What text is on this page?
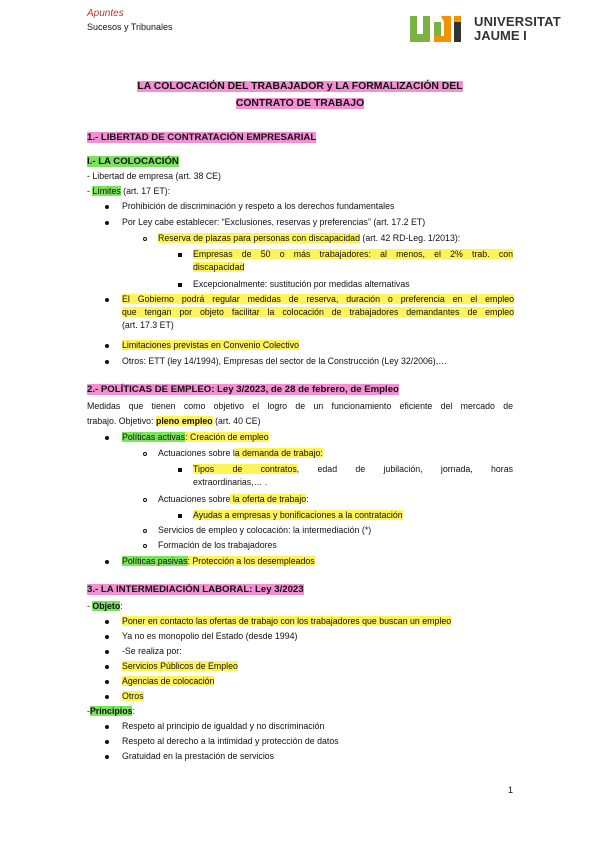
Apuntes
Sucesos y Tribunales	UNIVERSITAT
JAUME I
LA COLOCACIÓN DEL TRABAJADOR y LA FORMALIZACIÓN DEL
CONTRATO DE TRABAJO
1.- LIBERTAD DE CONTRATACIÓN EMPRESARIAL
I.- LA COLOCACIÓN
- Libertad de empresa (art. 38 CE)
- Límites (art. 17 ET):
Prohibición de discriminación y respeto a los derechos fundamentales
Por Ley cabe establecer: “Exclusiones, reservas y preferencias” (art. 17.2 ET)
Reserva de plazas para personas con discapacidad (art. 42 RD-Leg. 1/2013):
Empresas de 50 o más trabajadores: al menos, el 2% trab. con
discapacidad
Excepcionalmente: sustitución por medidas alternativas
El Gobierno podrá regular medidas de reserva, duración o preferencia en el empleo
que tengan por objeto facilitar la colocación de trabajadores demandantes de empleo
(art. 17.3 ET)
Limitaciones previstas en Convenio Colectivo
Otros: ETT (ley 14/1994), Empresas del sector de la Construcción (Ley 32/2006),…
2.- POLÍTICAS DE EMPLEO: Ley 3/2023, de 28 de febrero, de Empleo
Medidas que tienen como objetivo el logro de un funcionamiento eficiente del mercado de
trabajo. Objetivo: pleno empleo (art. 40 CE)
Políticas activas: Creación de empleo
Actuaciones sobre la demanda de trabajo:
Tipos de contratos, edad de jubilación, jornada, horas
extraordinarias,… .
Actuaciones sobre la oferta de trabajo:
Ayudas a empresas y bonificaciones a la contratación
Servicios de empleo y colocación: la intermediación (*)
Formación de los trabajadores
Políticas pasivas: Protección a los desempleados
3.- LA INTERMEDIACIÓN LABORAL: Ley 3/2023
- Objeto:
Poner en contacto las ofertas de trabajo con los trabajadores que buscan un empleo
Ya no es monopolio del Estado (desde 1994)
-Se realiza por:
Servicios Públicos de Empleo
Agencias de colocación
Otros
-Principios:
Respeto al principio de igualdad y no discriminación
Respeto al derecho a la intimidad y protección de datos
Gratuidad en la prestación de servicios
1
